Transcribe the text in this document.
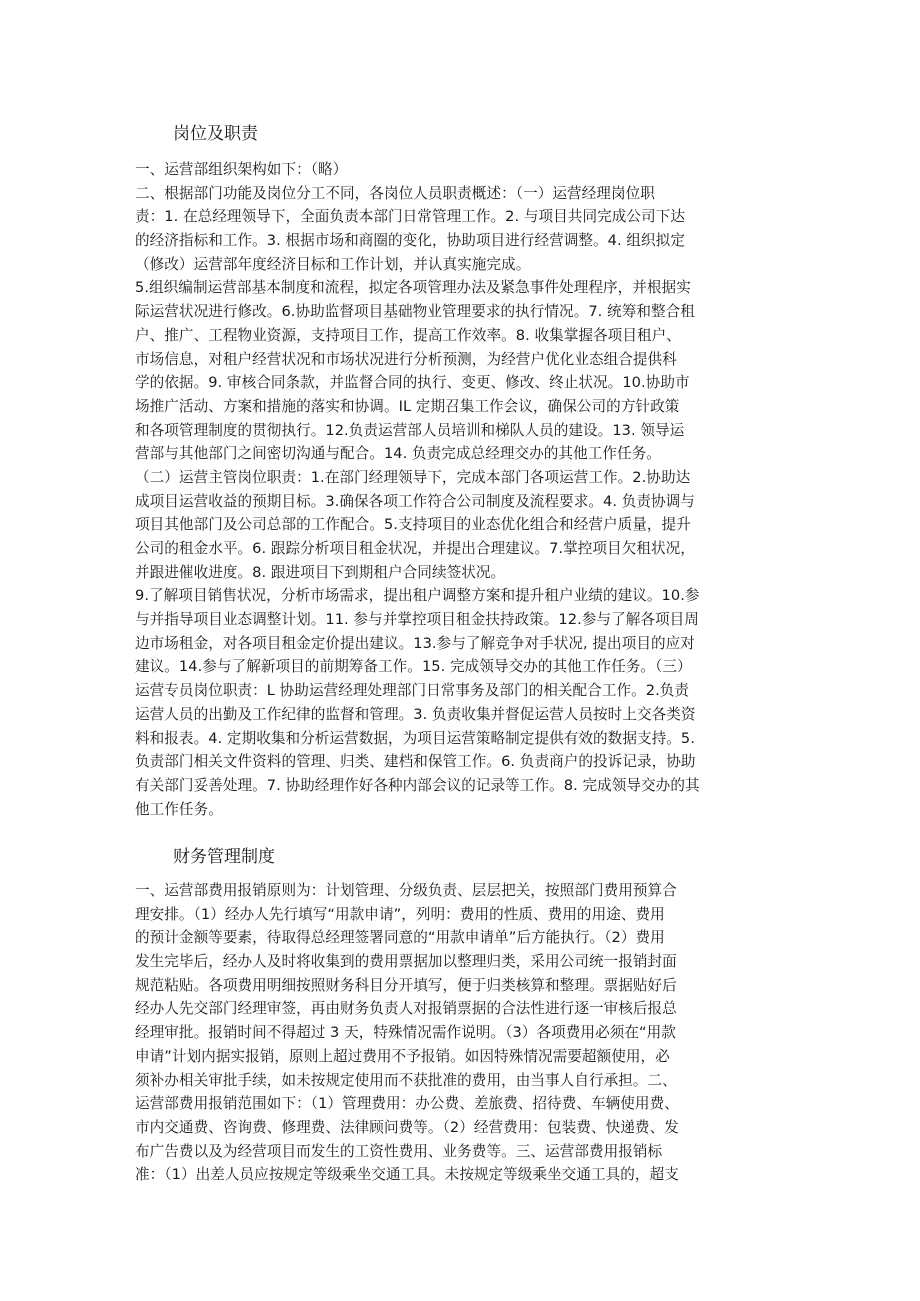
岗位及职责
一、运营部组织架构如下：（略）
二、根据部门功能及岗位分工不同，各岗位人员职责概述：（一）运营经理岗位职
责：1. 在总经理领导下，全面负责本部门日常管理工作。2. 与项目共同完成公司下达
的经济指标和工作。3. 根据市场和商圈的变化，协助项目进行经营调整。4. 组织拟定
（修改）运营部年度经济目标和工作计划，并认真实施完成。
5.组织编制运营部基本制度和流程，拟定各项管理办法及紧急事件处理程序，并根据实
际运营状况进行修改。6.协助监督项目基础物业管理要求的执行情况。7. 统筹和整合租
户、推广、工程物业资源，支持项目工作，提高工作效率。8. 收集掌握各项目租户、
市场信息，对租户经营状况和市场状况进行分析预测，为经营户优化业态组合提供科
学的依据。9. 审核合同条款，并监督合同的执行、变更、修改、终止状况。10.协助市
场推广活动、方案和措施的落实和协调。IL 定期召集工作会议，确保公司的方针政策
和各项管理制度的贯彻执行。12.负责运营部人员培训和梯队人员的建设。13. 领导运
营部与其他部门之间密切沟通与配合。14. 负责完成总经理交办的其他工作任务。
（二）运营主管岗位职责：1.在部门经理领导下，完成本部门各项运营工作。2.协助达
成项目运营收益的预期目标。3.确保各项工作符合公司制度及流程要求。4. 负责协调与
项目其他部门及公司总部的工作配合。5.支持项目的业态优化组合和经营户质量，提升
公司的租金水平。6. 跟踪分析项目租金状况，并提出合理建议。7.掌控项目欠租状况，
并跟进催收进度。8. 跟进项目下到期租户合同续签状况。
9.了解项目销售状况，分析市场需求，提出租户调整方案和提升租户业绩的建议。10.参
与并指导项目业态调整计划。11. 参与并掌控项目租金扶持政策。12.参与了解各项目周
边市场租金，对各项目租金定价提出建议。13.参与了解竞争对手状况, 提出项目的应对
建议。14.参与了解新项目的前期筹备工作。15. 完成领导交办的其他工作任务。（三）
运营专员岗位职责：L 协助运营经理处理部门日常事务及部门的相关配合工作。2.负责
运营人员的出勤及工作纪律的监督和管理。3. 负责收集并督促运营人员按时上交各类资
料和报表。4. 定期收集和分析运营数据，为项目运营策略制定提供有效的数据支持。5.
负责部门相关文件资料的管理、归类、建档和保管工作。6. 负责商户的投诉记录，协助
有关部门妥善处理。7. 协助经理作好各种内部会议的记录等工作。8. 完成领导交办的其
他工作任务。
财务管理制度
一、运营部费用报销原则为：计划管理、分级负责、层层把关，按照部门费用预算合
理安排。（1）经办人先行填写“用款申请”，列明：费用的性质、费用的用途、费用
的预计金额等要素，待取得总经理签署同意的“用款申请单”后方能执行。（2）费用
发生完毕后，经办人及时将收集到的费用票据加以整理归类，采用公司统一报销封面
规范粘贴。各项费用明细按照财务科目分开填写，便于归类核算和整理。票据贴好后
经办人先交部门经理审签，再由财务负责人对报销票据的合法性进行逐一审核后报总
经理审批。报销时间不得超过 3 天，特殊情况需作说明。（3）各项费用必须在“用款
申请”计划内据实报销，原则上超过费用不予报销。如因特殊情况需要超额使用，必
须补办相关审批手续，如未按规定使用而不获批准的费用，由当事人自行承担。二、
运营部费用报销范围如下：（1）管理费用：办公费、差旅费、招待费、车辆使用费、
市内交通费、咨询费、修理费、法律顾问费等。（2）经营费用：包装费、快递费、发
布广告费以及为经营项目而发生的工资性费用、业务费等。三、运营部费用报销标
准：（1）出差人员应按规定等级乘坐交通工具。未按规定等级乘坐交通工具的，超支
